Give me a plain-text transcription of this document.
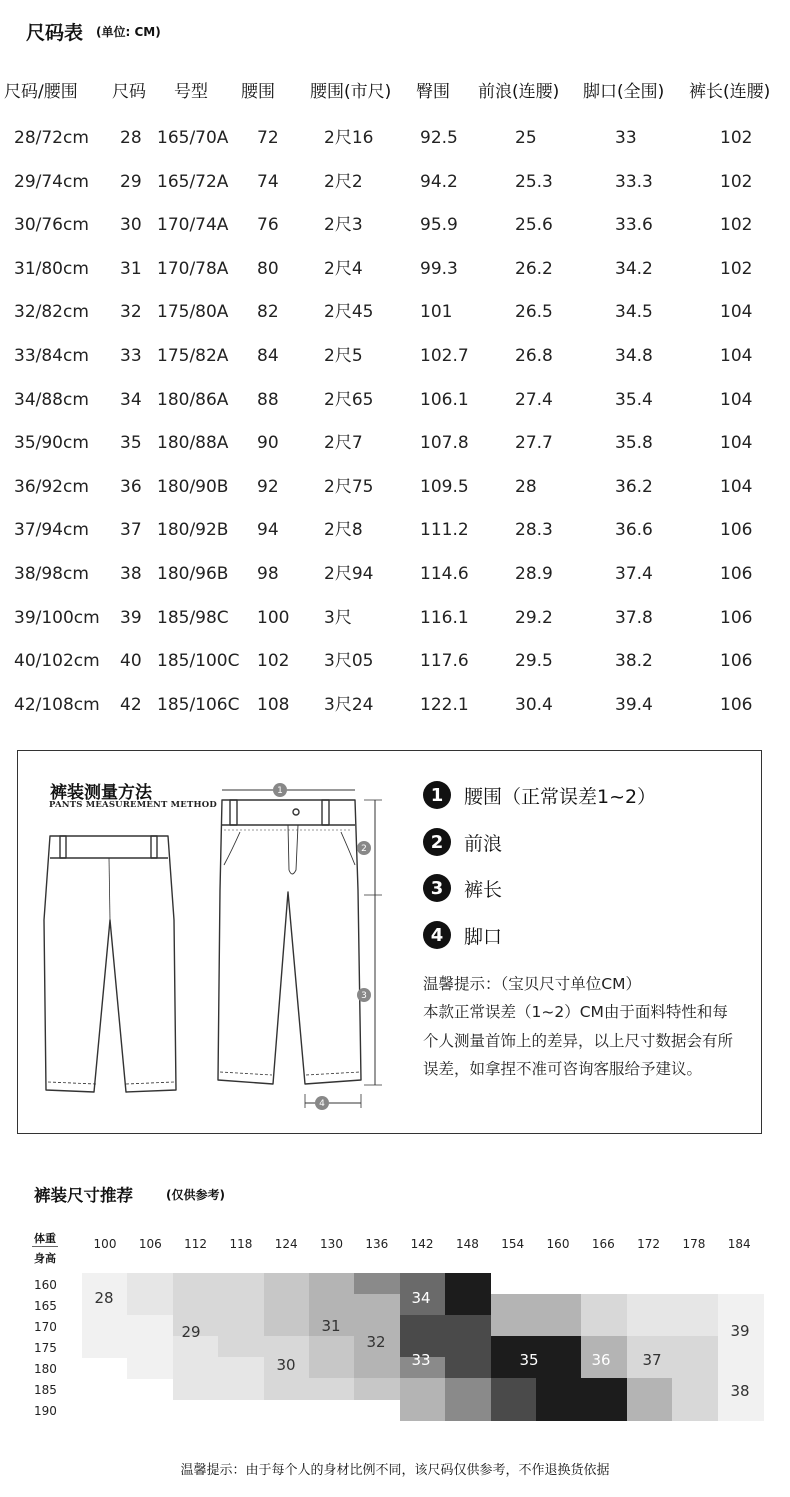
尺码表 (单位: CM)
尺码/腰围 尺码 号型 腰围 腰围(市尺) 臀围 前浪(连腰) 脚口(全围) 裤长(连腰)
28/72cm 28 165/70A 72	2尺16	92.5	25	33	102
29/74cm 29 165/72A 74	2尺2	94.2	25.3	33.3	102
30/76cm 30 170/74A 76	2尺3	95.9	25.6	33.6	102
31/80cm 31 170/78A 80	2尺4	99.3	26.2	34.2	102
32/82cm 32 175/80A 82	2尺45	101	26.5	34.5	104
33/84cm 33 175/82A 84	2尺5	102.7	26.8	34.8	104
34/88cm 34 180/86A 88	2尺65	106.1	27.4	35.4	104
35/90cm 35 180/88A 90	2尺7	107.8	27.7	35.8	104
36/92cm 36 180/90B 92	2尺75	109.5	28	36.2	104
37/94cm 37 180/92B 94	2尺8	111.2	28.3	36.6	106
38/98cm 38 180/96B 98	2尺94	114.6	28.9	37.4	106
39/100cm 39 185/98C 100 3尺	116.1	29.2	37.8	106
40/102cm 40 185/100C 102 3尺05	117.6	29.5	38.2	106
42/108cm 42 185/106C 108 3尺24	122.1	30.4	39.4	106
裤装测量方法
PANTS MEASUREMENT METHOD
1
2
3
4
1	腰围（正常误差1~2）
2	前浪
3	裤长
4	脚口
温馨提示：（宝贝尺寸单位CM）
本款正常误差（1~2）CM由于面料特性和每个人测量首饰上的差异，以上尺寸数据会有所误差，如拿捏不准可咨询客服给予建议。
裤装尺寸推荐	(仅供参考)
体重
身高
100 106 112 118 124 130 136 142 148 154 160 166 172 178 184
160
165
170
175
180
185
190
28
29
30
31
32
33
34
35	36 37
38
39
温馨提示：由于每个人的身材比例不同，该尺码仅供参考，不作退换货依据
